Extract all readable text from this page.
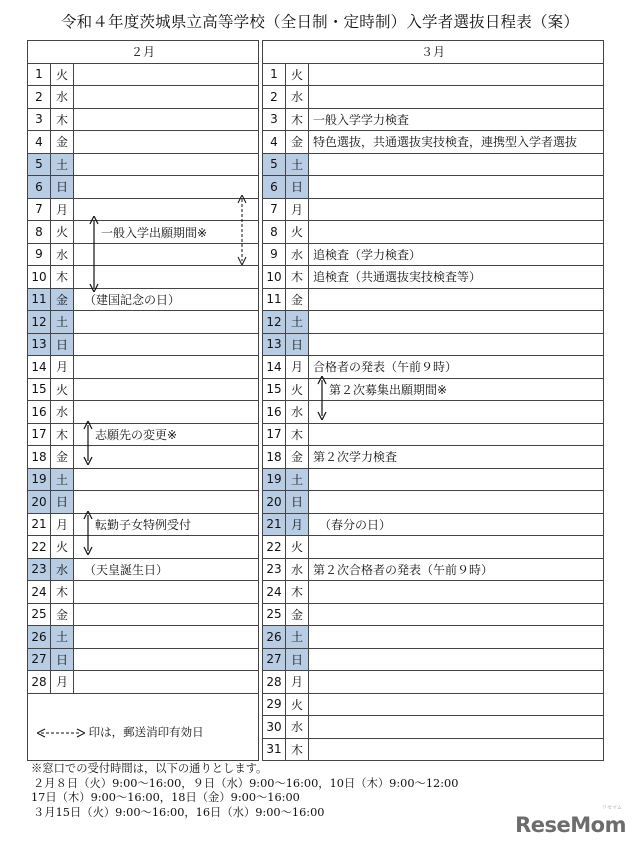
令和４年度茨城県立高等学校（全日制・定時制）入学者選抜日程表（案）
２月				３月		
1	火			1	火	
2	水			2	水	
3	木			3	木	一般入学学力検査
4	金			4	金	特色選抜，共通選抜実技検査，連携型入学者選抜
5	土			5	土	
6	日			6	日	
7	月			7	月	
8	火			8	火	
9	水			9	水	追検査（学力検査）
10	木			10	木	追検査（共通選抜実技検査等）
11	金	　（建国記念の日）		11	金	
12	土			12	土	
13	日			13	日	
14	月			14	月	合格者の発表（午前９時）
15	火			15	火	
16	水			16	水	
17	木			17	木	
18	金			18	金	第２次学力検査
19	土			19	土	
20	日			20	日	
21	月			21	月	　（春分の日）
22	火			22	火	
23	水	　（天皇誕生日）		23	水	第２次合格者の発表（午前９時）
24	木			24	木	
25	金			25	金	
26	土			26	土	
27	日			27	日	
28	月			28	月	
				29	火	
				30	水	
				31	木	
一般入学出願期間※
志願先の変更※
転勤子女特例受付
第２次募集出願期間※
印は，郵送消印有効日
※窓口での受付時間は，以下の通りとします。
２月８日（火）9:00～16:00，９日（水）9:00～16:00，10日（木）9:00～12:00
17日（木）9:00～16:00，18日（金）9:00～16:00
３月15日（火）9:00～16:00，16日（水）9:00～16:00	リセマム
ReseMom
